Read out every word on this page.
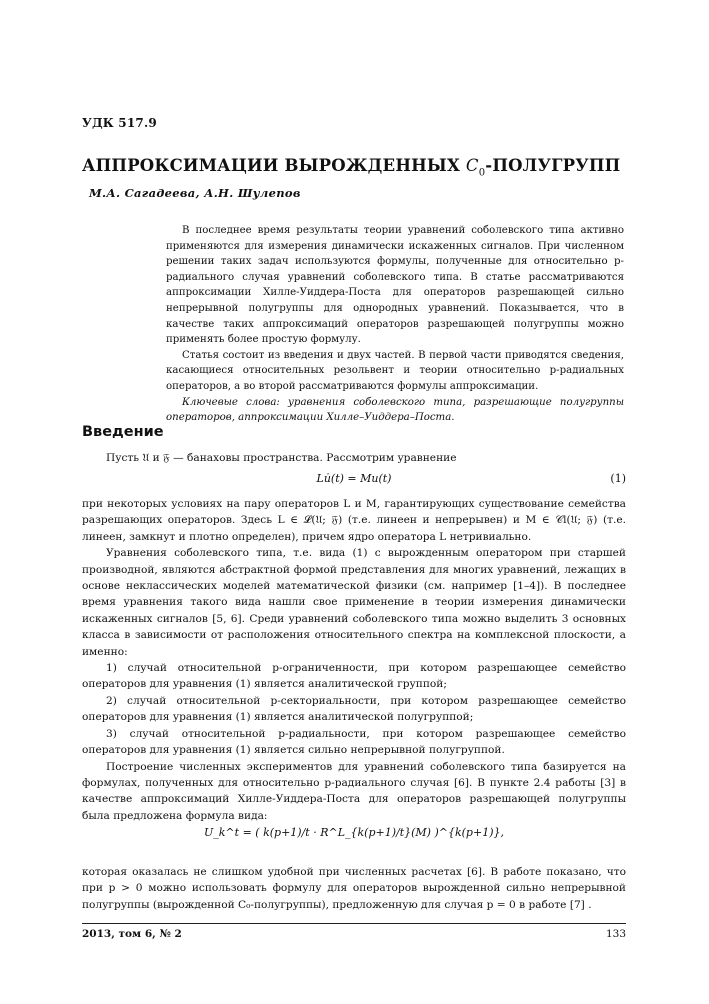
УДК 517.9
АППРОКСИМАЦИИ ВЫРОЖДЕННЫХ $C_0$-ПОЛУГРУПП
М.А. Сагадеева, А.Н. Шулепов

В последнее время результаты теории уравнений соболевского типа активно применяются для измерения динамически искаженных сигналов. При численном решении таких задач используются формулы, полученные для относительно p-радиального случая уравнений соболевского типа. В статье рассматриваются аппроксимации Хилле-Уиддера-Поста для операторов разрешающей сильно непрерывной полугруппы для однородных уравнений. Показывается, что в качестве таких аппроксимаций операторов разрешающей полугруппы можно применять более простую формулу.

Статья состоит из введения и двух частей. В первой части приводятся сведения, касающиеся относительных резольвент и теории относительно p-радиальных операторов, а во второй рассматриваются формулы аппроксимации.

Ключевые слова: уравнения соболевского типа, разрешающие полугруппы операторов, аппроксимации Хилле–Уиддера–Поста.

Введение

Пусть 𝔘 и 𝔉 — банаховы пространства. Рассмотрим уравнение

Lu̇(t) = Mu(t)	(1)

при некоторых условиях на пару операторов L и M, гарантирующих существование семейства разрешающих операторов. Здесь L ∈ 𝓛(𝔘; 𝔉) (т.е. линеен и непрерывен) и M ∈ 𝒞l(𝔘; 𝔉) (т.е. линеен, замкнут и плотно определен), причем ядро оператора L нетривиально.

Уравнения соболевского типа, т.е. вида (1) с вырожденным оператором при старшей производной, являются абстрактной формой представления для многих уравнений, лежащих в основе неклассических моделей математической физики (см. например [1–4]). В последнее время уравнения такого вида нашли свое применение в теории измерения динамически искаженных сигналов [5, 6]. Среди уравнений соболевского типа можно выделить 3 основных класса в зависимости от расположения относительного спектра на комплексной плоскости, а именно:

1) случай относительной p-ограниченности, при котором разрешающее семейство операторов для уравнения (1) является аналитической группой;

2) случай относительной p-секториальности, при котором разрешающее семейство операторов для уравнения (1) является аналитической полугруппой;

3) случай относительной p-радиальности, при котором разрешающее семейство операторов для уравнения (1) является сильно непрерывной полугруппой.

Построение численных экспериментов для уравнений соболевского типа базируется на формулах, полученных для относительно p-радиального случая [6]. В пункте 2.4 работы [3] в качестве аппроксимаций Хилле-Уиддера-Поста для операторов разрешающей полугруппы была предложена формула вида:

U_k^t = ( k(p+1)/t · R^L_{k(p+1)/t}(M) )^{k(p+1)},

которая оказалась не слишком удобной при численных расчетах [6]. В работе показано, что при p > 0 можно использовать формулу для операторов вырожденной сильно непрерывной полугруппы (вырожденной C₀-полугруппы), предложенную для случая p = 0 в работе [7] .

2013, том 6, № 2	133
